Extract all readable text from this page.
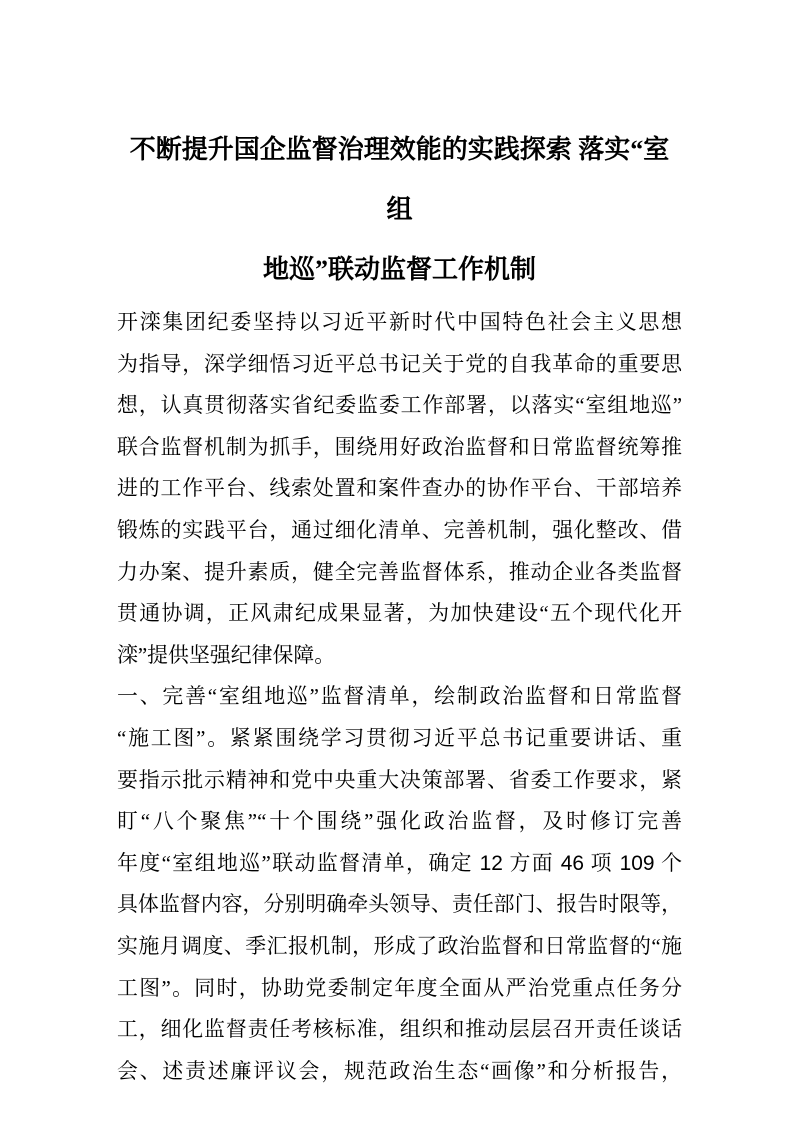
不断提升国企监督治理效能的实践探索 落实“室组
地巡”联动监督工作机制
开滦集团纪委坚持以习近平新时代中国特色社会主义思想
为指导，深学细悟习近平总书记关于党的自我革命的重要思
想，认真贯彻落实省纪委监委工作部署，以落实“室组地巡”
联合监督机制为抓手，围绕用好政治监督和日常监督统筹推
进的工作平台、线索处置和案件查办的协作平台、干部培养
锻炼的实践平台，通过细化清单、完善机制，强化整改、借
力办案、提升素质，健全完善监督体系，推动企业各类监督
贯通协调，正风肃纪成果显著，为加快建设“五个现代化开
滦”提供坚强纪律保障。
一、完善“室组地巡”监督清单，绘制政治监督和日常监督
“施工图”。紧紧围绕学习贯彻习近平总书记重要讲话、重
要指示批示精神和党中央重大决策部署、省委工作要求，紧
盯“八个聚焦”“十个围绕”强化政治监督，及时修订完善
年度“室组地巡”联动监督清单，确定 12 方面 46 项 109 个
具体监督内容，分别明确牵头领导、责任部门、报告时限等，
实施月调度、季汇报机制，形成了政治监督和日常监督的“施
工图”。同时，协助党委制定年度全面从严治党重点任务分
工，细化监督责任考核标准，组织和推动层层召开责任谈话
会、述责述廉评议会，规范政治生态“画像”和分析报告，
